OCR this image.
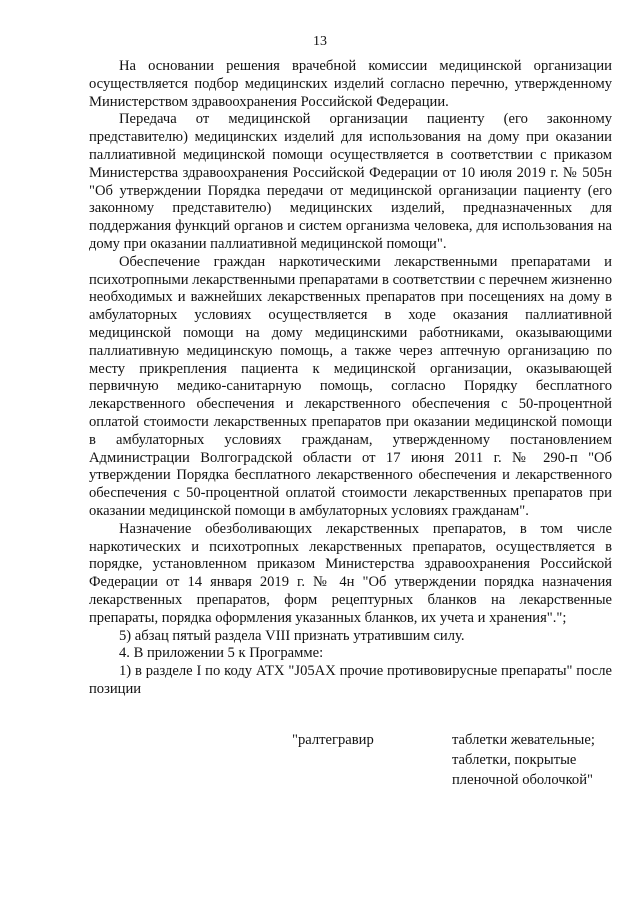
13

На основании решения врачебной комиссии медицинской организации осуществляется подбор медицинских изделий согласно перечню, утвержденному Министерством здравоохранения Российской Федерации.

Передача от медицинской организации пациенту (его законному представителю) медицинских изделий для использования на дому при оказании паллиативной медицинской помощи осуществляется в соответствии с приказом Министерства здравоохранения Российской Федерации от 10 июля 2019 г. № 505н "Об утверждении Порядка передачи от медицинской организации пациенту (его законному представителю) медицинских изделий, предназначенных для поддержания функций органов и систем организма человека, для использования на дому при оказании паллиативной медицинской помощи".

Обеспечение граждан наркотическими лекарственными препаратами и психотропными лекарственными препаратами в соответствии с перечнем жизненно необходимых и важнейших лекарственных препаратов при посещениях на дому в амбулаторных условиях осуществляется в ходе оказания паллиативной медицинской помощи на дому медицинскими работниками, оказывающими паллиативную медицинскую помощь, а также через аптечную организацию по месту прикрепления пациента к медицинской организации, оказывающей первичную медико-санитарную помощь, согласно Порядку бесплатного лекарственного обеспечения и лекарственного обеспечения с 50-процентной оплатой стоимости лекарственных препаратов при оказании медицинской помощи в амбулаторных условиях гражданам, утвержденному постановлением Администрации Волгоградской области от 17 июня 2011 г. № 290-п "Об утверждении Порядка бесплатного лекарственного обеспечения и лекарственного обеспечения с 50-процентной оплатой стоимости лекарственных препаратов при оказании медицинской помощи в амбулаторных условиях гражданам".

Назначение обезболивающих лекарственных препаратов, в том числе наркотических и психотропных лекарственных препаратов, осуществляется в порядке, установленном приказом Министерства здравоохранения Российской Федерации от 14 января 2019 г. № 4н "Об утверждении порядка назначения лекарственных препаратов, форм рецептурных бланков на лекарственные препараты, порядка оформления указанных бланков, их учета и хранения".";

5) абзац пятый раздела VIII признать утратившим силу.

4. В приложении 5 к Программе:

1) в разделе I по коду АТХ "J05AX прочие противовирусные препараты" после позиции

"ралтегравир	таблетки жевательные;
таблетки, покрытые
пленочной оболочкой"
